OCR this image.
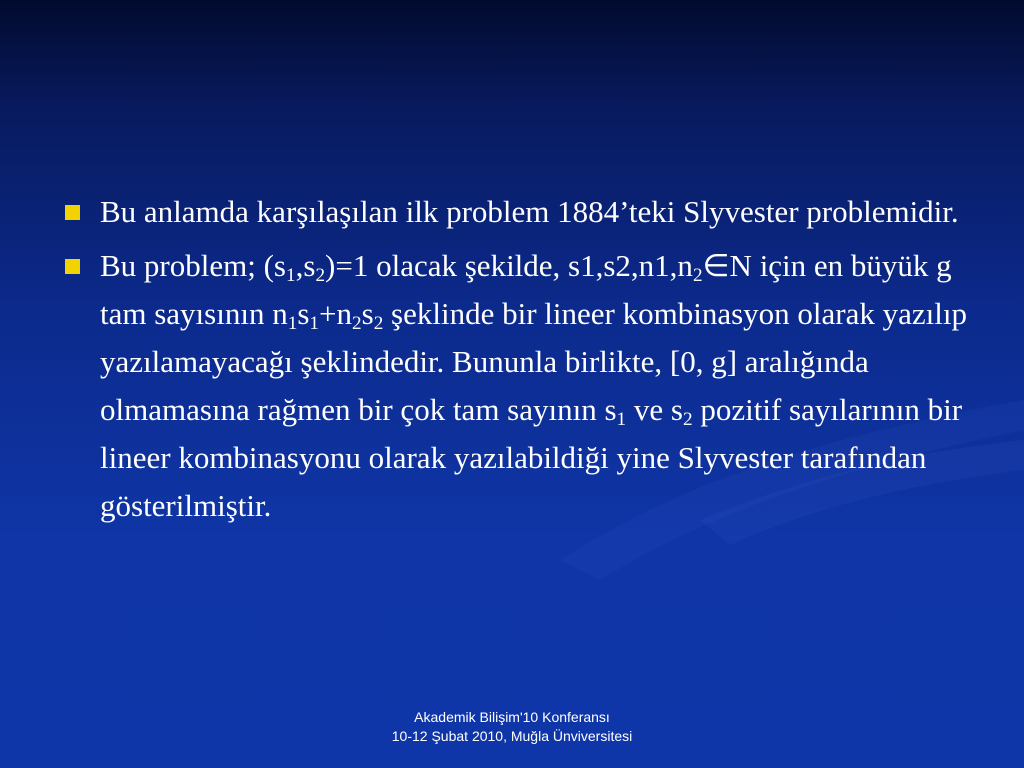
Bu anlamda karşılaşılan ilk problem 1884’teki Slyvester problemidir.
Bu problem; $(s_1,s_2)=1$ olacak şekilde, $s1,s2,n1,n_2\in N$ için en büyük g tam sayısının $n_1s_1+n_2s_2$ şeklinde bir lineer kombinasyon olarak yazılıp yazılamayacağı şeklindedir. Bununla birlikte, [0, g] aralığında olmamasına rağmen bir çok tam sayının $s_1$ ve $s_2$ pozitif sayılarının bir lineer kombinasyonu olarak yazılabildiği yine Slyvester tarafından gösterilmiştir.
Akademik Bilişim'10 Konferansı
10-12 Şubat 2010, Muğla Ünviversitesi
